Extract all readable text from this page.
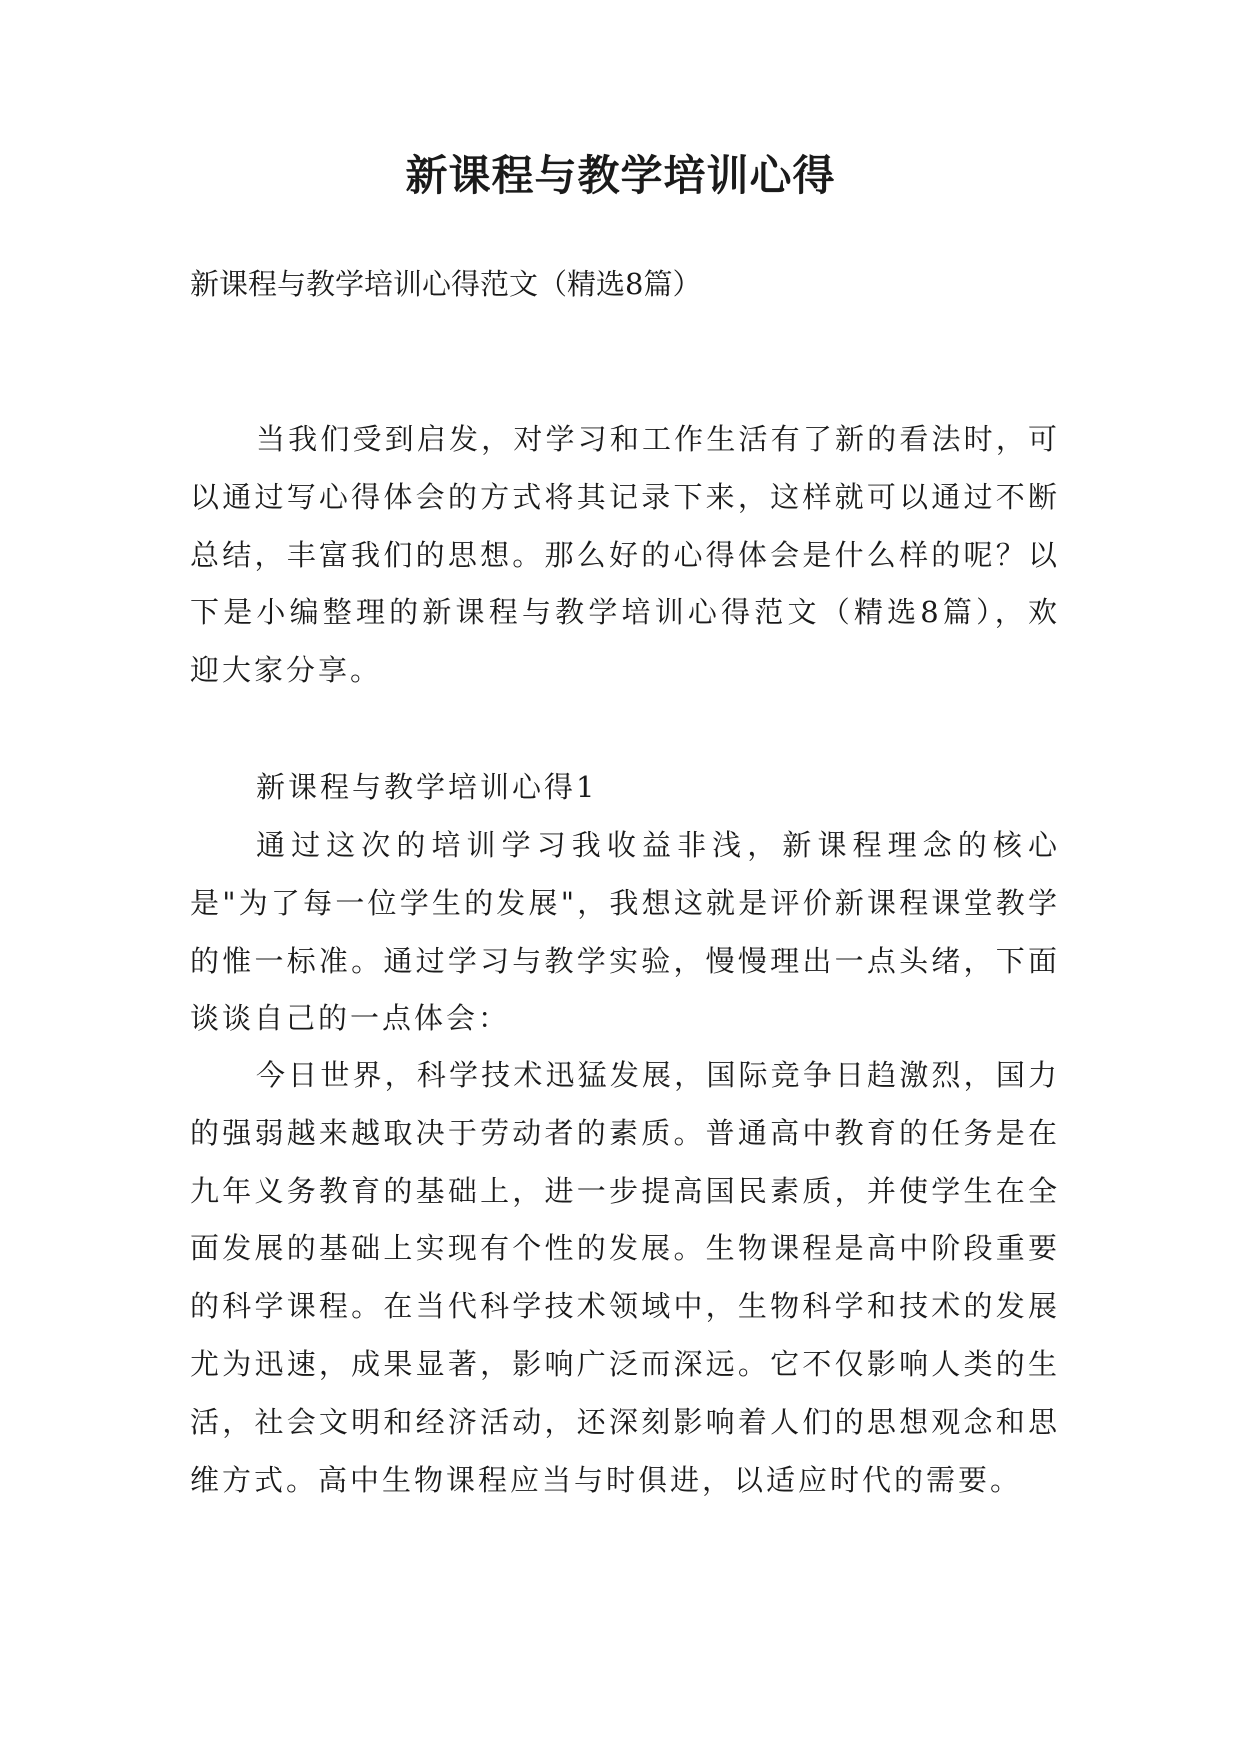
新课程与教学培训心得
新课程与教学培训心得范文（精选8篇）

当我们受到启发，对学习和工作生活有了新的看法时，可以通过写心得体会的方式将其记录下来，这样就可以通过不断总结，丰富我们的思想。那么好的心得体会是什么样的呢？以下是小编整理的新课程与教学培训心得范文（精选8篇），欢迎大家分享。

新课程与教学培训心得1

通过这次的培训学习我收益非浅，新课程理念的核心是"为了每一位学生的发展"，我想这就是评价新课程课堂教学的惟一标准。通过学习与教学实验，慢慢理出一点头绪，下面谈谈自己的一点体会：

今日世界，科学技术迅猛发展，国际竞争日趋激烈，国力的强弱越来越取决于劳动者的素质。普通高中教育的任务是在九年义务教育的基础上，进一步提高国民素质，并使学生在全面发展的基础上实现有个性的发展。生物课程是高中阶段重要的科学课程。在当代科学技术领域中，生物科学和技术的发展尤为迅速，成果显著，影响广泛而深远。它不仅影响人类的生活，社会文明和经济活动，还深刻影响着人们的思想观念和思维方式。高中生物课程应当与时俱进，以适应时代的需要。
